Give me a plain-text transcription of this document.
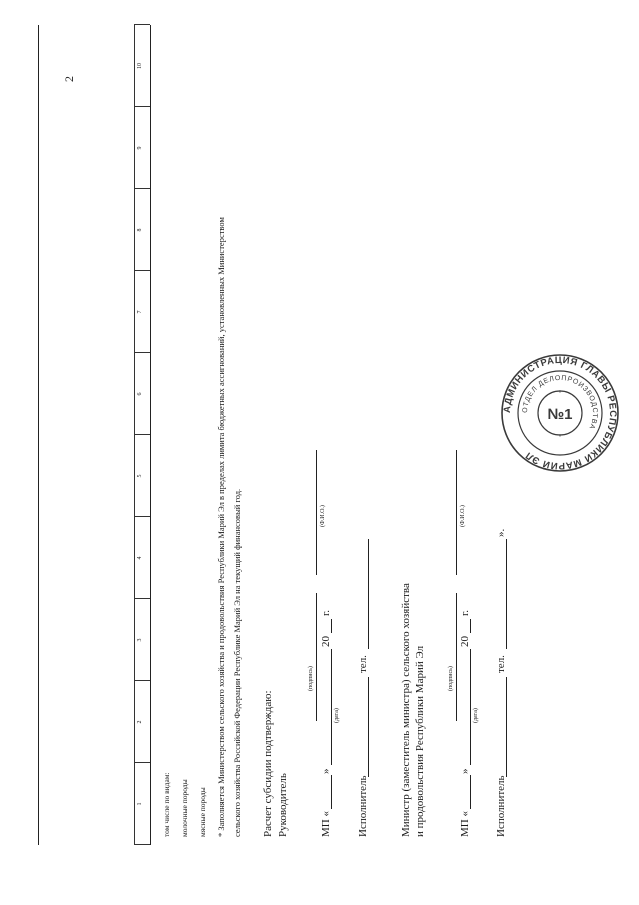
2
1
2
3
4
5
6
7
8
9
10
том числе по видам: молочные породы мясные породы * Заполняется Министерством сельского хозяйства и продовольствия Республики Марий Эл в пределах лимита бюджетных ассигнований, установленных Министерством сельского хозяйства Российской Федерации Республике Марий Эл на текущий финансовый год. Расчет субсидии подтверждаю: Руководитель
(подпись)
МП «
»
20
г.
(дата)
(Ф.И.О.)
Исполнитель
тел.	Министр (заместитель министра) сельского хозяйства и продовольствия Республики Марий Эл	(подпись)
МП «
»
20
г.
(дата)
(Ф.И.О.)
Исполнитель
тел.
».
АДМИНИСТРАЦИЯ ГЛАВЫ РЕСПУБЛИКИ МАРИЙ ЭЛ
ОТДЕЛ ДЕЛОПРОИЗВОДСТВА
№1
*
*
